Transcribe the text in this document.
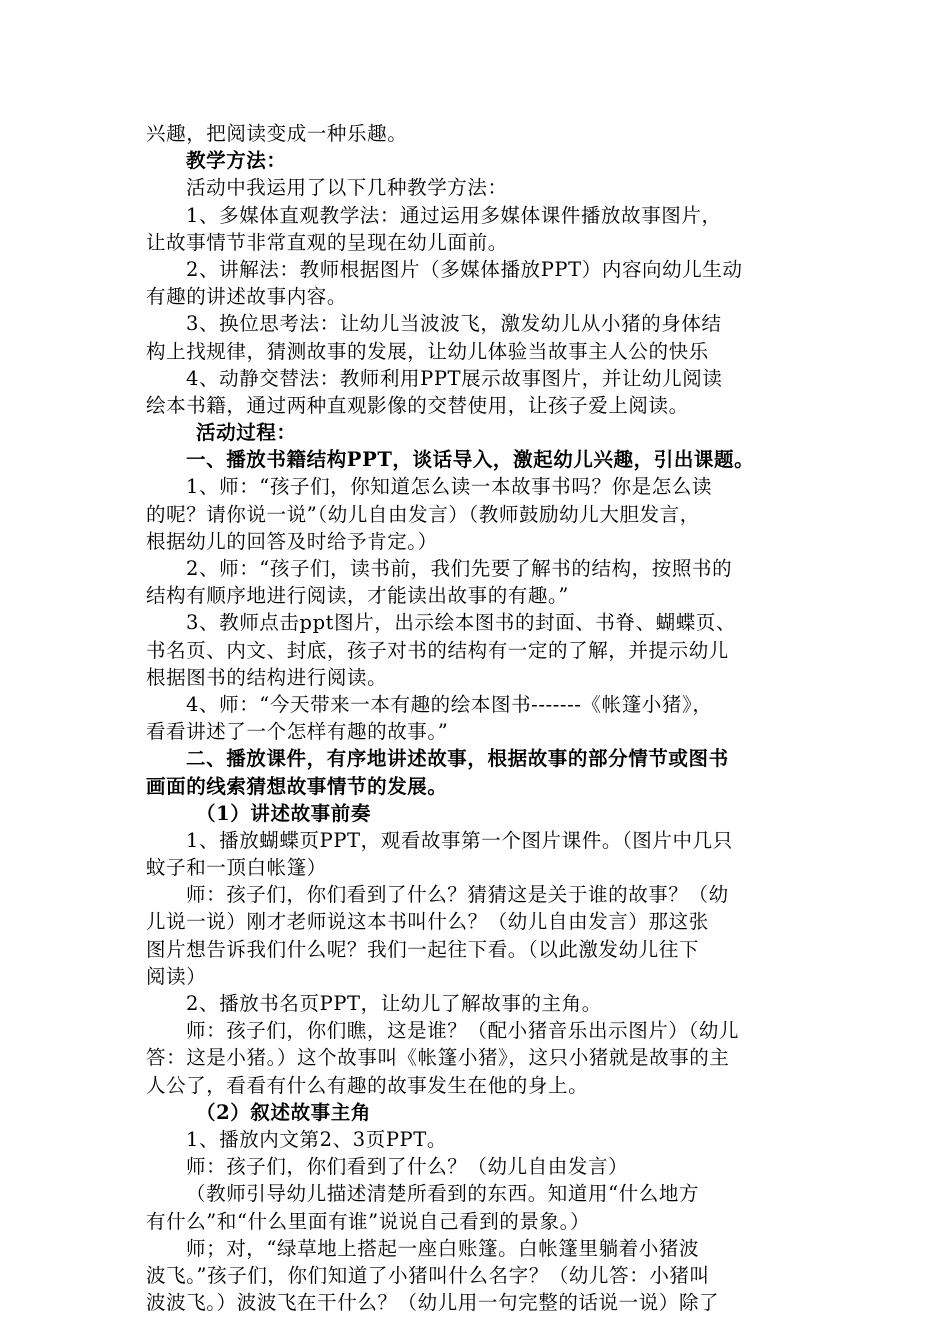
兴趣，把阅读变成一种乐趣。
教学方法：
活动中我运用了以下几种教学方法：
1、多媒体直观教学法：通过运用多媒体课件播放故事图片，
让故事情节非常直观的呈现在幼儿面前。
2、讲解法：教师根据图片（多媒体播放PPT）内容向幼儿生动
有趣的讲述故事内容。
3、换位思考法：让幼儿当波波飞，激发幼儿从小猪的身体结
构上找规律，猜测故事的发展，让幼儿体验当故事主人公的快乐
4、动静交替法：教师利用PPT展示故事图片，并让幼儿阅读
绘本书籍，通过两种直观影像的交替使用，让孩子爱上阅读。
活动过程：
一、播放书籍结构PPT，谈话导入，激起幼儿兴趣，引出课题。
1、师：“孩子们，你知道怎么读一本故事书吗？你是怎么读
的呢？请你说一说”（幼儿自由发言）（教师鼓励幼儿大胆发言，
根据幼儿的回答及时给予肯定。）
2、师：“孩子们，读书前，我们先要了解书的结构，按照书的
结构有顺序地进行阅读，才能读出故事的有趣。”
3、教师点击ppt图片，出示绘本图书的封面、书脊、蝴蝶页、
书名页、内文、封底，孩子对书的结构有一定的了解，并提示幼儿
根据图书的结构进行阅读。
4、师：“今天带来一本有趣的绘本图书-------《帐篷小猪》，
看看讲述了一个怎样有趣的故事。”
二、播放课件，有序地讲述故事，根据故事的部分情节或图书
画面的线索猜想故事情节的发展。
（1）讲述故事前奏
1、播放蝴蝶页PPT，观看故事第一个图片课件。（图片中几只
蚊子和一顶白帐篷）
师：孩子们，你们看到了什么？猜猜这是关于谁的故事？（幼
儿说一说）刚才老师说这本书叫什么？（幼儿自由发言）那这张
图片想告诉我们什么呢？我们一起往下看。（以此激发幼儿往下
阅读）
2、播放书名页PPT，让幼儿了解故事的主角。
师：孩子们，你们瞧，这是谁？（配小猪音乐出示图片）（幼儿
答：这是小猪。）这个故事叫《帐篷小猪》，这只小猪就是故事的主
人公了，看看有什么有趣的故事发生在他的身上。
（2）叙述故事主角
1、播放内文第2、3页PPT。
师：孩子们，你们看到了什么？（幼儿自由发言）
（教师引导幼儿描述清楚所看到的东西。知道用“什么地方
有什么”和“什么里面有谁”说说自己看到的景象。）
师；对，“绿草地上搭起一座白账篷。白帐篷里躺着小猪波
波飞。”孩子们，你们知道了小猪叫什么名字？（幼儿答：小猪叫
波波飞。）波波飞在干什么？（幼儿用一句完整的话说一说）除了
